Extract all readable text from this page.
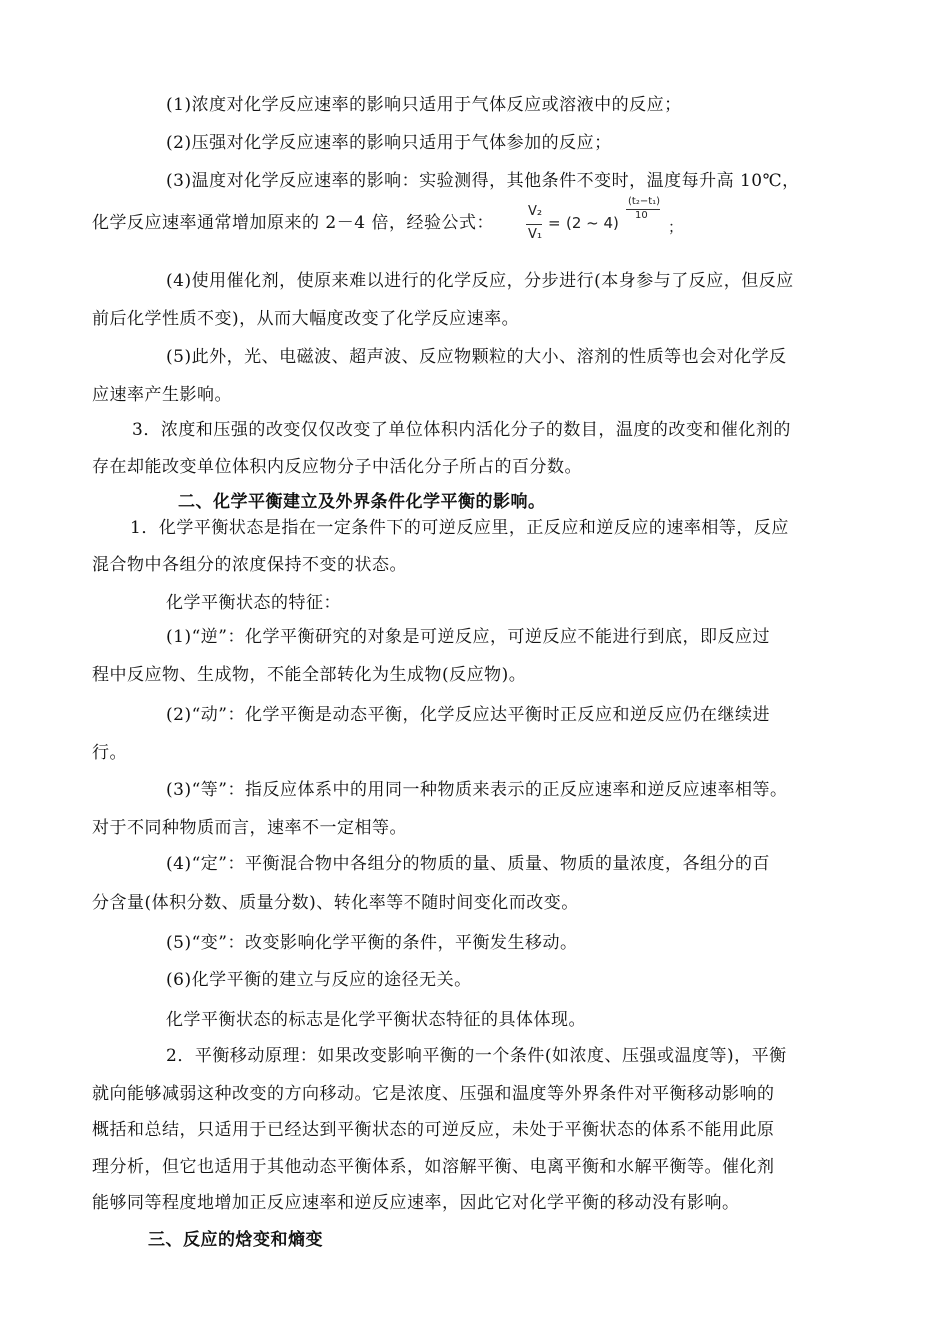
(1)浓度对化学反应速率的影响只适用于气体反应或溶液中的反应；
(2)压强对化学反应速率的影响只适用于气体参加的反应；
(3)温度对化学反应速率的影响：实验测得，其他条件不变时，温度每升高 10℃，
化学反应速率通常增加原来的 2－4 倍，经验公式：
V₂
V₁
= (2 ~ 4)
(t₂−t₁)
10
；
(4)使用催化剂，使原来难以进行的化学反应，分步进行(本身参与了反应，但反应
前后化学性质不变)，从而大幅度改变了化学反应速率。
(5)此外，光、电磁波、超声波、反应物颗粒的大小、溶剂的性质等也会对化学反
应速率产生影响。
3．浓度和压强的改变仅仅改变了单位体积内活化分子的数目，温度的改变和催化剂的
存在却能改变单位体积内反应物分子中活化分子所占的百分数。
二、化学平衡建立及外界条件化学平衡的影响。
1．化学平衡状态是指在一定条件下的可逆反应里，正反应和逆反应的速率相等，反应
混合物中各组分的浓度保持不变的状态。
化学平衡状态的特征：
(1)“逆”：化学平衡研究的对象是可逆反应，可逆反应不能进行到底，即反应过
程中反应物、生成物，不能全部转化为生成物(反应物)。
(2)“动”：化学平衡是动态平衡，化学反应达平衡时正反应和逆反应仍在继续进
行。
(3)“等”：指反应体系中的用同一种物质来表示的正反应速率和逆反应速率相等。
对于不同种物质而言，速率不一定相等。
(4)“定”：平衡混合物中各组分的物质的量、质量、物质的量浓度，各组分的百
分含量(体积分数、质量分数)、转化率等不随时间变化而改变。
(5)“变”：改变影响化学平衡的条件，平衡发生移动。
(6)化学平衡的建立与反应的途径无关。
化学平衡状态的标志是化学平衡状态特征的具体体现。
2．平衡移动原理：如果改变影响平衡的一个条件(如浓度、压强或温度等)，平衡
就向能够减弱这种改变的方向移动。它是浓度、压强和温度等外界条件对平衡移动影响的
概括和总结，只适用于已经达到平衡状态的可逆反应，未处于平衡状态的体系不能用此原
理分析，但它也适用于其他动态平衡体系，如溶解平衡、电离平衡和水解平衡等。催化剂
能够同等程度地增加正反应速率和逆反应速率，因此它对化学平衡的移动没有影响。
三、反应的焓变和熵变
